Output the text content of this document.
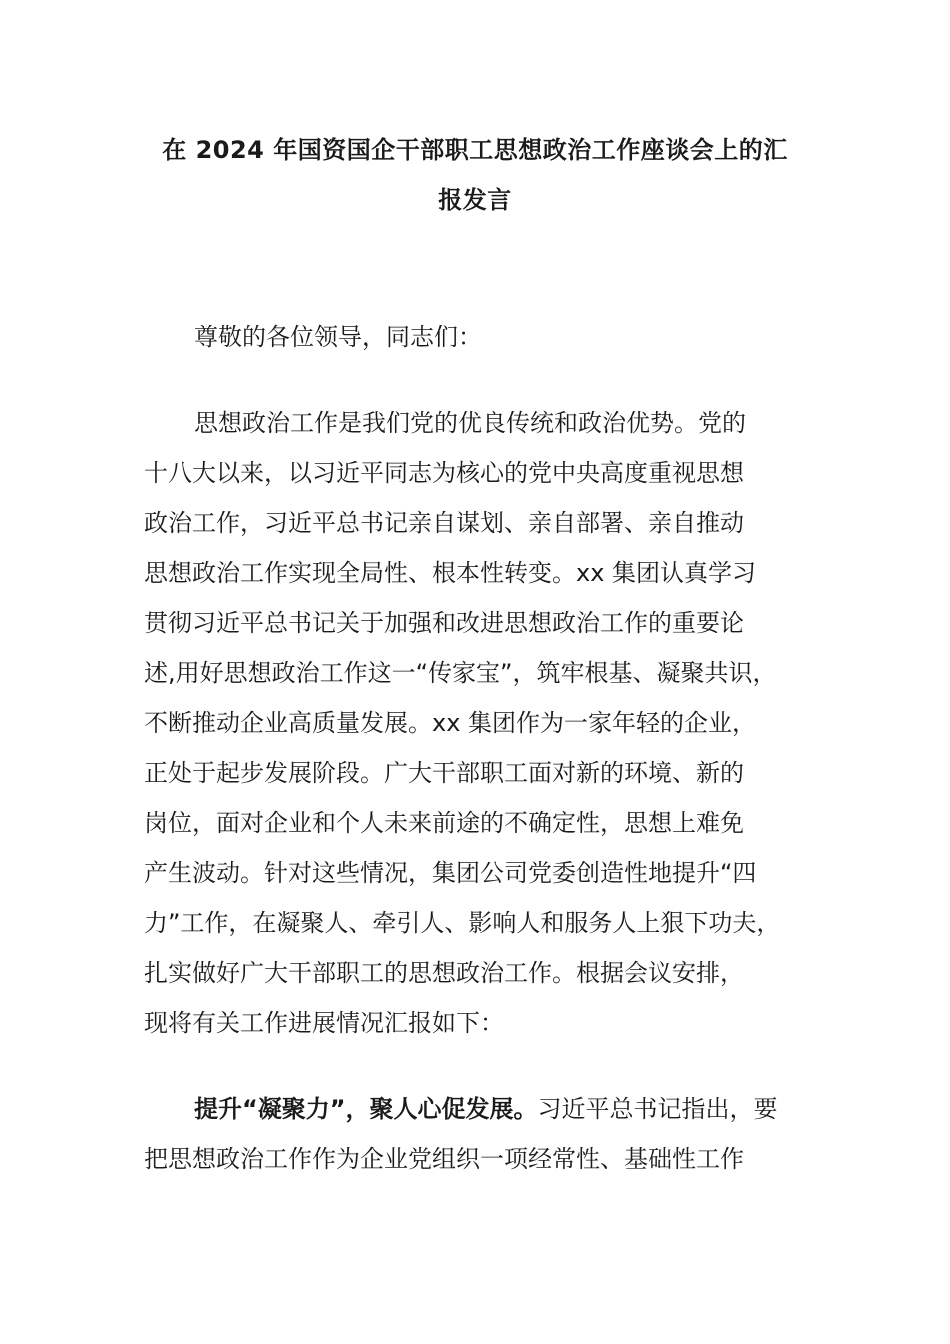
在 2024 年国资国企干部职工思想政治工作座谈会上的汇
报发言
尊敬的各位领导，同志们：
思想政治工作是我们党的优良传统和政治优势。党的
十八大以来，以习近平同志为核心的党中央高度重视思想
政治工作，习近平总书记亲自谋划、亲自部署、亲自推动
思想政治工作实现全局性、根本性转变。xx 集团认真学习
贯彻习近平总书记关于加强和改进思想政治工作的重要论
述,用好思想政治工作这一“传家宝”，筑牢根基、凝聚共识，
不断推动企业高质量发展。xx 集团作为一家年轻的企业，
正处于起步发展阶段。广大干部职工面对新的环境、新的
岗位，面对企业和个人未来前途的不确定性，思想上难免
产生波动。针对这些情况，集团公司党委创造性地提升“四
力”工作，在凝聚人、牵引人、影响人和服务人上狠下功夫，
扎实做好广大干部职工的思想政治工作。根据会议安排，
现将有关工作进展情况汇报如下：
提升“凝聚力”，聚人心促发展。习近平总书记指出，要
把思想政治工作作为企业党组织一项经常性、基础性工作
